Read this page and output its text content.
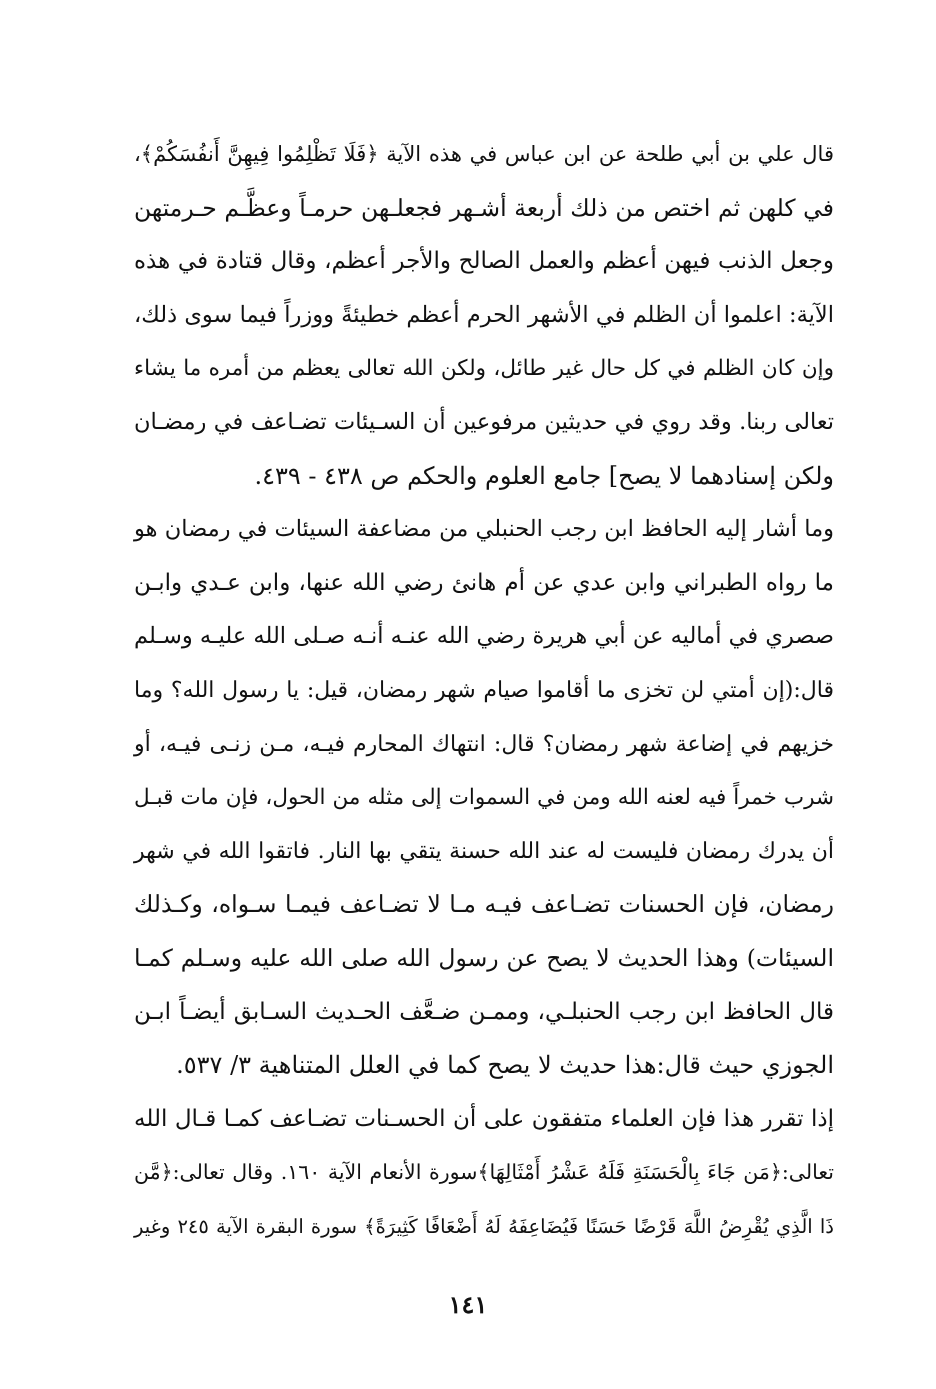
قال علي بن أبي طلحة عن ابن عباس في هذه الآية ﴿فَلَا تَظْلِمُوا فِيهِنَّ أَنفُسَكُمْ﴾،
في كلهن ثم اختص من ذلك أربعة أشـهر فجعلـهن حرمـاً وعظَّـم حـرمتهن
وجعل الذنب فيهن أعظم والعمل الصالح والأجر أعظم، وقال قتادة في هذه
الآية: اعلموا أن الظلم في الأشهر الحرم أعظم خطيئةً ووزراً فيما سوى ذلك،
وإن كان الظلم في كل حال غير طائل، ولكن الله تعالى يعظم من أمره ما يشاء
تعالى ربنا. وقد روي في حديثين مرفوعين أن السـيئات تضـاعف في رمضـان
ولكن إسنادهما لا يصح] جامع العلوم والحكم ص ٤٣٨ - ٤٣٩.
وما أشار إليه الحافظ ابن رجب الحنبلي من مضاعفة السيئات في رمضان هو
ما رواه الطبراني وابن عدي عن أم هانئ رضي الله عنها، وابن عـدي وابـن
صصري في أماليه عن أبي هريرة رضي الله عنـه أنـه صـلى الله عليـه وسـلم
قال:(إن أمتي لن تخزى ما أقاموا صيام شهر رمضان، قيل: يا رسول الله؟ وما
خزيهم في إضاعة شهر رمضان؟ قال: انتهاك المحارم فيـه، مـن زنـى فيـه، أو
شرب خمراً فيه لعنه الله ومن في السموات إلى مثله من الحول، فإن مات قبـل
أن يدرك رمضان فليست له عند الله حسنة يتقي بها النار. فاتقوا الله في شهر
رمضان، فإن الحسنات تضـاعف فيـه مـا لا تضـاعف فيمـا سـواه، وكـذلك
السيئات) وهذا الحديث لا يصح عن رسول الله صلى الله عليه وسـلم كمـا
قال الحافظ ابن رجب الحنبلـي، وممـن ضـعَّف الحـديث السـابق أيضـاً ابـن
الجوزي حيث قال:هذا حديث لا يصح كما في العلل المتناهية ٣/ ٥٣٧.
إذا تقرر هذا فإن العلماء متفقون على أن الحسـنات تضـاعف كمـا قـال الله
تعالى:﴿مَن جَاءَ بِالْحَسَنَةِ فَلَهُ عَشْرُ أَمْثَالِهَا﴾سورة الأنعام الآية ١٦٠. وقال تعالى:﴿مَّن
ذَا الَّذِي يُقْرِضُ اللَّهَ قَرْضًا حَسَنًا فَيُضَاعِفَهُ لَهُ أَضْعَافًا كَثِيرَةً﴾ سورة البقرة الآية ٢٤٥ وغير
١٤١
